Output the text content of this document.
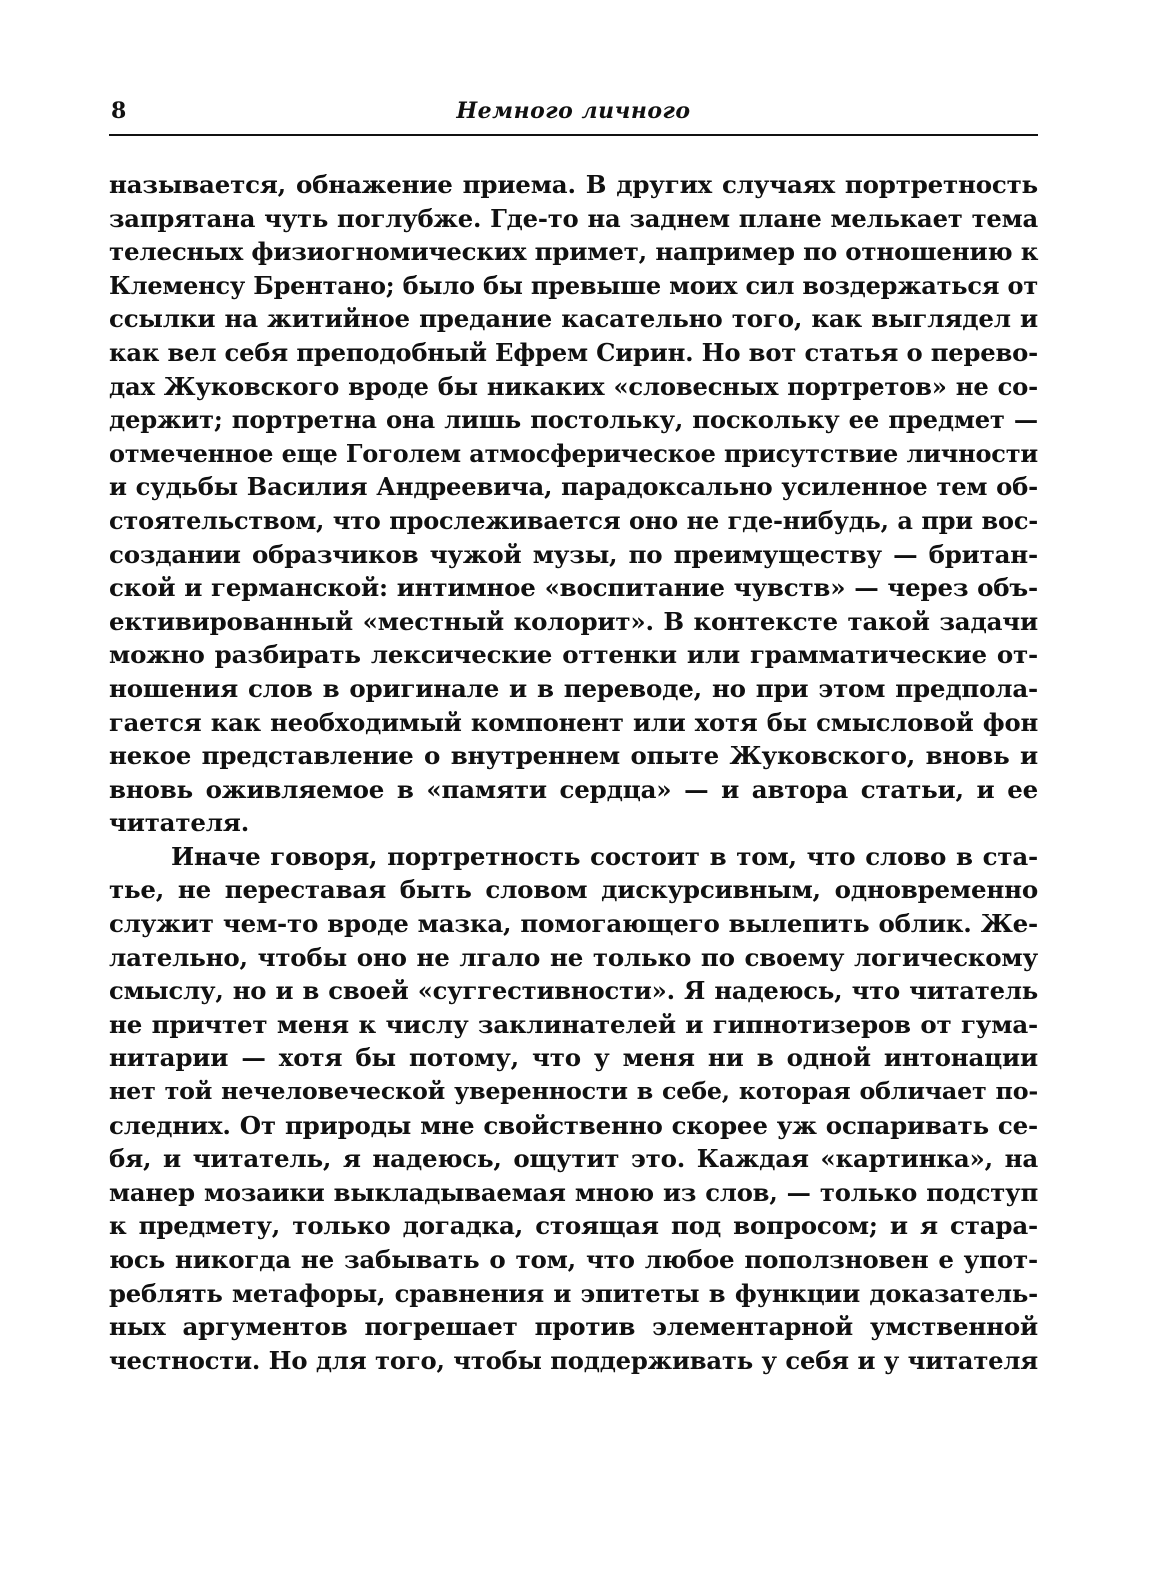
8	Немного личного
называется, обнажение приема. В других случаях портретность
запрятана чуть поглубже. Где-то на заднем плане мелькает тема
телесных физиогномических примет, например по отношению к
Клеменсу Брентано; было бы превыше моих сил воздержаться от
ссылки на житийное предание касательно того, как выглядел и
как вел себя преподобный Ефрем Сирин. Но вот статья о перево-
дах Жуковского вроде бы никаких «словесных портретов» не со-
держит; портретна она лишь постольку, поскольку ее предмет —
отмеченное еще Гоголем атмосферическое присутствие личности
и судьбы Василия Андреевича, парадоксально усиленное тем об-
стоятельством, что прослеживается оно не где-нибудь, а при вос-
создании образчиков чужой музы, по преимуществу — британ-
ской и германской: интимное «воспитание чувств» — через объ-
ективированный «местный колорит». В контексте такой задачи
можно разбирать лексические оттенки или грамматические от-
ношения слов в оригинале и в переводе, но при этом предпола-
гается как необходимый компонент или хотя бы смысловой фон
некое представление о внутреннем опыте Жуковского, вновь и
вновь оживляемое в «памяти сердца» — и автора статьи, и ее
читателя.
Иначе говоря, портретность состоит в том, что слово в ста-
тье, не переставая быть словом дискурсивным, одновременно
служит чем-то вроде мазка, помогающего вылепить облик. Же-
лательно, чтобы оно не лгало не только по своему логическому
смыслу, но и в своей «суггестивности». Я надеюсь, что читатель
не причтет меня к числу заклинателей и гипнотизеров от гума-
нитарии — хотя бы потому, что у меня ни в одной интонации
нет той нечеловеческой уверенности в себе, которая обличает по-
следних. От природы мне свойственно скорее уж оспаривать се-
бя, и читатель, я надеюсь, ощутит это. Каждая «картинка», на
манер мозаики выкладываемая мною из слов, — только подступ
к предмету, только догадка, стоящая под вопросом; и я стара-
юсь никогда не забывать о том, что любое поползновен е упот-
реблять метафоры, сравнения и эпитеты в функции доказатель-
ных аргументов погрешает против элементарной умственной
честности. Но для того, чтобы поддерживать у себя и у читателя
